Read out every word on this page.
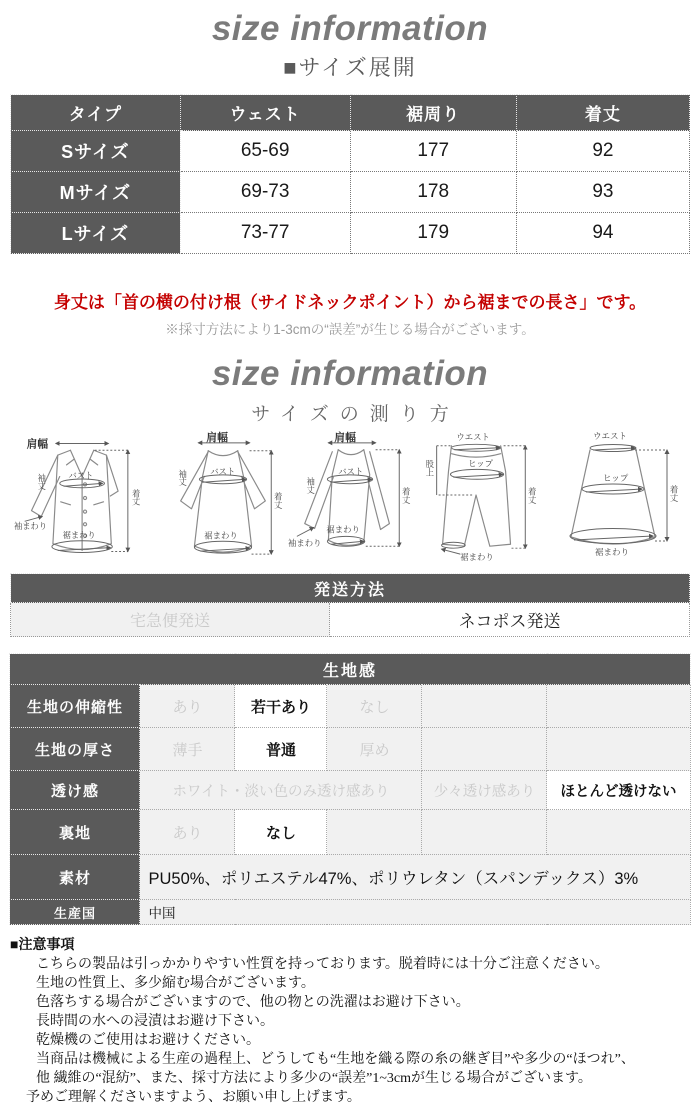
size information
■サイズ展開
タイプ	ウェスト	裾周り	着丈
Sサイズ	65-69	177	92
Mサイズ	69-73	178	93
Lサイズ	73-77	179	94
身丈は「首の横の付け根（サイドネックポイント）から裾までの長さ」です。
※採寸方法により1-3cmの“誤差”が生じる場合がございます。
size information
サイズの測り方
肩幅
バスト
裾まわり
袖丈
袖まわり
着丈
肩幅
バスト
裾まわり
袖丈
着丈
肩幅
バスト
裾まわり
袖丈
袖まわり
着丈
ウエスト
ヒップ
股上
着丈
裾まわり
ウエスト
ヒップ
裾まわり
着丈
発送方法
宅急便発送	ネコポス発送
生地感					
生地の伸縮性	あり	若干あり	なし		
生地の厚さ	薄手	普通	厚め		
透け感	ホワイト・淡い色のみ透け感あり			少々透け感あり	ほとんど透けない
裏地	あり	なし			
素材	PU50%、ポリエステル47%、ポリウレタン（スパンデックス）3%				
生産国	中国				
■注意事項
こちらの製品は引っかかりやすい性質を持っております。脱着時には十分ご注意ください。
生地の性質上、多少縮む場合がございます。
色落ちする場合がございますので、他の物との洗濯はお避け下さい。
長時間の水への浸漬はお避け下さい。
乾燥機のご使用はお避けください。
当商品は機械による生産の過程上、どうしても“生地を織る際の糸の継ぎ目”や多少の“ほつれ”、
他 繊維の“混紡”、また、採寸方法により多少の“誤差”1~3cmが生じる場合がございます。
予めご理解くださいますよう、お願い申し上げます。
